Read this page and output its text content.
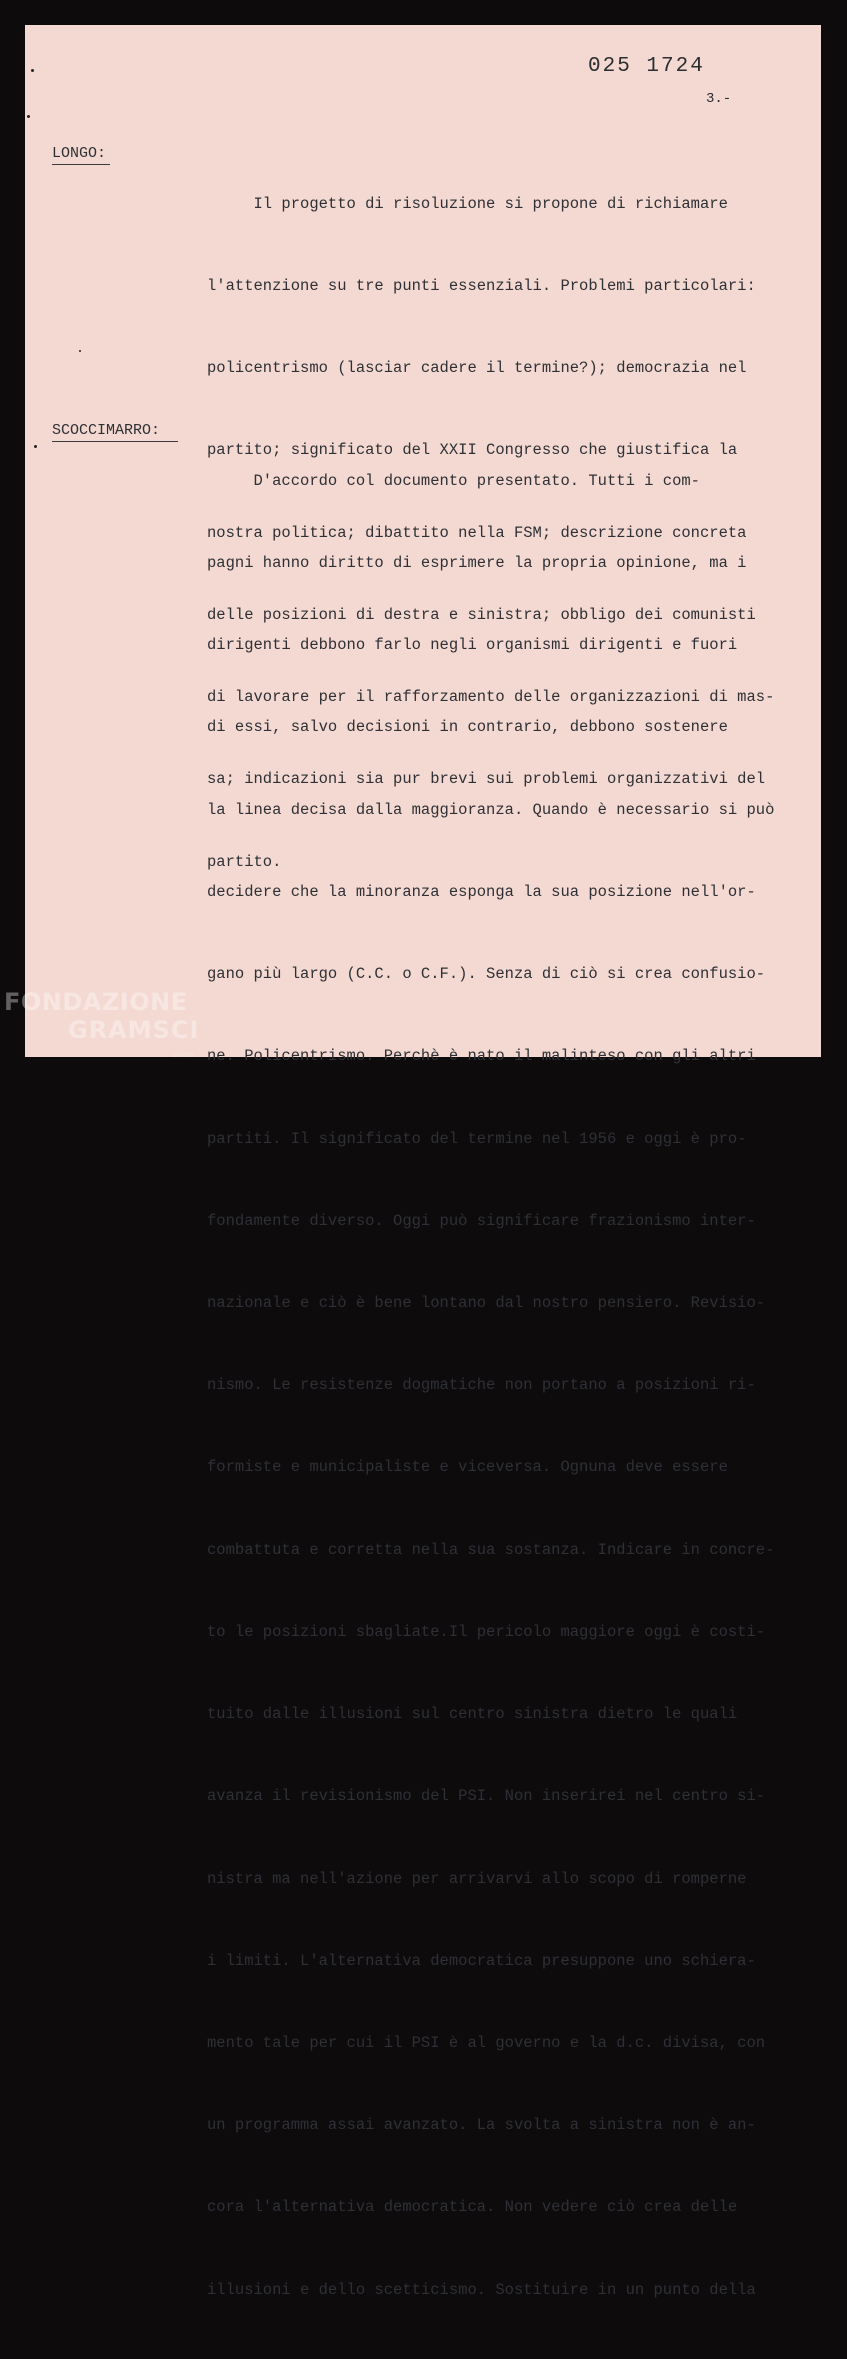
025 1724
3.-
LONGO:

Il progetto di risoluzione si propone di richiamare

l'attenzione su tre punti essenziali. Problemi particolari:

policentrismo (lasciar cadere il termine?); democrazia nel

partito; significato del XXII Congresso che giustifica la

nostra politica; dibattito nella FSM; descrizione concreta

delle posizioni di destra e sinistra; obbligo dei comunisti

di lavorare per il rafforzamento delle organizzazioni di mas-

sa; indicazioni sia pur brevi sui problemi organizzativi del

partito.

SCOCCIMARRO:

D'accordo col documento presentato. Tutti i com-

pagni hanno diritto di esprimere la propria opinione, ma i

dirigenti debbono farlo negli organismi dirigenti e fuori

di essi, salvo decisioni in contrario, debbono sostenere

la linea decisa dalla maggioranza. Quando è necessario si può

decidere che la minoranza esponga la sua posizione nell'or-

gano più largo (C.C. o C.F.). Senza di ciò si crea confusio-

ne. Policentrismo. Perchè è nato il malinteso con gli altri

partiti. Il significato del termine nel 1956 e oggi è pro-

fondamente diverso. Oggi può significare frazionismo inter-

nazionale e ciò è bene lontano dal nostro pensiero. Revisio-

nismo. Le resistenze dogmatiche non portano a posizioni ri-

formiste e municipaliste e viceversa. Ognuna deve essere

combattuta e corretta nella sua sostanza. Indicare in concre-

to le posizioni sbagliate.Il pericolo maggiore oggi è costi-

tuito dalle illusioni sul centro sinistra dietro le quali

avanza il revisionismo del PSI. Non inserirei nel centro si-

nistra ma nell'azione per arrivarvi allo scopo di romperne

i limiti. L'alternativa democratica presuppone uno schiera-

mento tale per cui il PSI è al governo e la d.c. divisa, con

un programma assai avanzato. La svolta a sinistra non è an-

cora l'alternativa democratica. Non vedere ciò crea delle

illusioni e dello scetticismo. Sostituire in un punto della

FONDAZIONE
GRAMSCI
onlus
